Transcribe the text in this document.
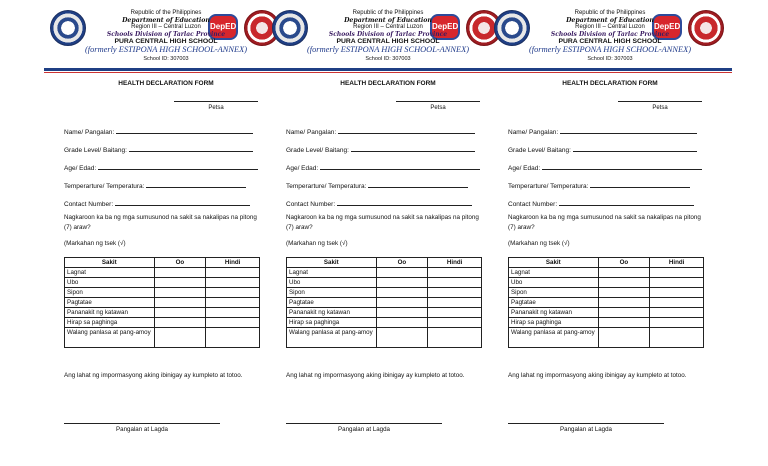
DepED
Republic of the Philippines
Department of Education
Region III – Central Luzon
Schools Division of Tarlac Province
PURA CENTRAL HIGH SCHOOL
(formerly ESTIPONA HIGH SCHOOL-ANNEX)
School ID: 307003
HEALTH DECLARATION FORM
Petsa
Name/ Pangalan:
Grade Level/ Baitang:
Age/ Edad:
Temperarture/ Temperatura:
Contact Number:
Nagkaroon ka ba ng mga sumusunod na sakit sa nakalipas na pitong (7) araw?
(Markahan ng tsek (√)
Sakit	Oo	Hindi
Lagnat		
Ubo		
Sipon		
Pagtatae		
Pananakit ng katawan		
Hirap sa paghinga		
Walang panlasa at pang-amoy		
Ang lahat ng impormasyong aking ibinigay ay kumpleto at totoo.
Pangalan at Lagda
DepED
Republic of the Philippines
Department of Education
Region III – Central Luzon
Schools Division of Tarlac Province
PURA CENTRAL HIGH SCHOOL
(formerly ESTIPONA HIGH SCHOOL-ANNEX)
School ID: 307003
HEALTH DECLARATION FORM
Petsa
Name/ Pangalan:
Grade Level/ Baitang:
Age/ Edad:
Temperarture/ Temperatura:
Contact Number:
Nagkaroon ka ba ng mga sumusunod na sakit sa nakalipas na pitong (7) araw?
(Markahan ng tsek (√)
Sakit	Oo	Hindi
Lagnat		
Ubo		
Sipon		
Pagtatae		
Pananakit ng katawan		
Hirap sa paghinga		
Walang panlasa at pang-amoy		
Ang lahat ng impormasyong aking ibinigay ay kumpleto at totoo.
Pangalan at Lagda
DepED
Republic of the Philippines
Department of Education
Region III – Central Luzon
Schools Division of Tarlac Province
PURA CENTRAL HIGH SCHOOL
(formerly ESTIPONA HIGH SCHOOL-ANNEX)
School ID: 307003
HEALTH DECLARATION FORM
Petsa
Name/ Pangalan:
Grade Level/ Baitang:
Age/ Edad:
Temperarture/ Temperatura:
Contact Number:
Nagkaroon ka ba ng mga sumusunod na sakit sa nakalipas na pitong (7) araw?
(Markahan ng tsek (√)
Sakit	Oo	Hindi
Lagnat		
Ubo		
Sipon		
Pagtatae		
Pananakit ng katawan		
Hirap sa paghinga		
Walang panlasa at pang-amoy		
Ang lahat ng impormasyong aking ibinigay ay kumpleto at totoo.
Pangalan at Lagda
